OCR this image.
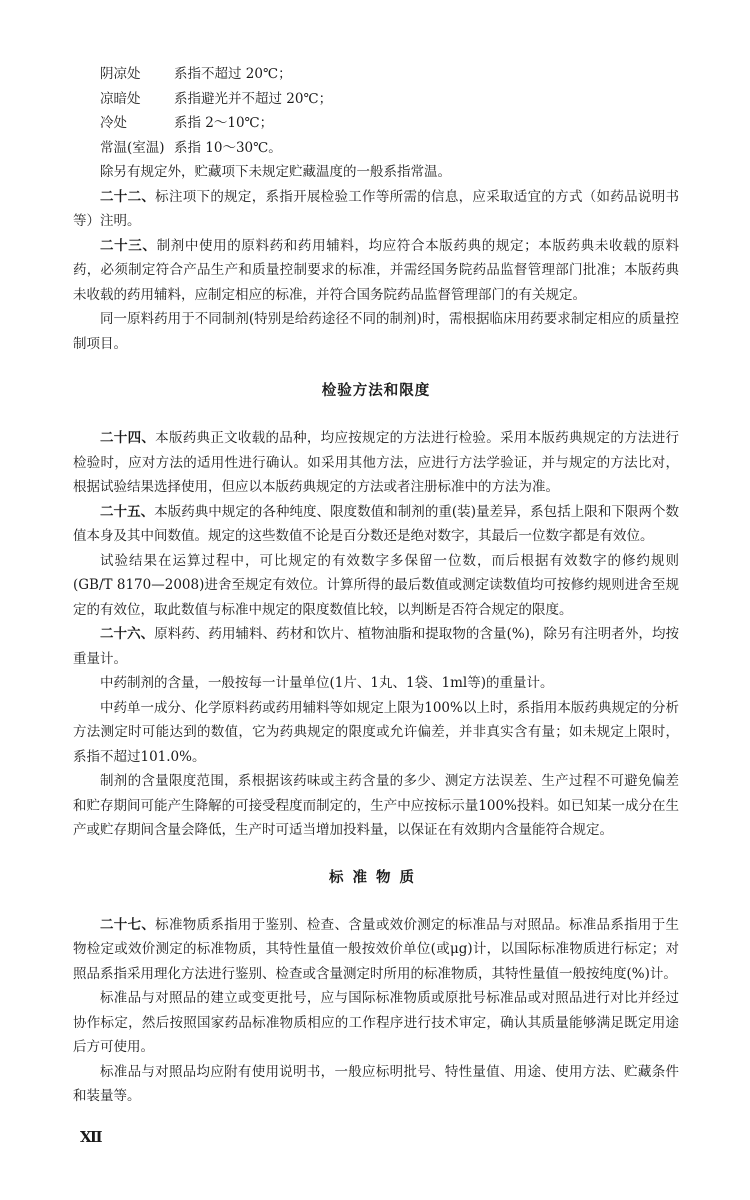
阴凉处 系指不超过 20℃；
凉暗处 系指避光并不超过 20℃；
冷处	系指 2～10℃；
常温(室温) 系指 10～30℃。

除另有规定外，贮藏项下未规定贮藏温度的一般系指常温。

二十二、标注项下的规定，系指开展检验工作等所需的信息，应采取适宜的方式（如药品说明书等）注明。

二十三、制剂中使用的原料药和药用辅料，均应符合本版药典的规定；本版药典未收载的原料药，必须制定符合产品生产和质量控制要求的标准，并需经国务院药品监督管理部门批准；本版药典未收载的药用辅料，应制定相应的标准，并符合国务院药品监督管理部门的有关规定。

同一原料药用于不同制剂(特别是给药途径不同的制剂)时，需根据临床用药要求制定相应的质量控制项目。

检验方法和限度

二十四、本版药典正文收载的品种，均应按规定的方法进行检验。采用本版药典规定的方法进行检验时，应对方法的适用性进行确认。如采用其他方法，应进行方法学验证，并与规定的方法比对，根据试验结果选择使用，但应以本版药典规定的方法或者注册标准中的方法为准。

二十五、本版药典中规定的各种纯度、限度数值和制剂的重(装)量差异，系包括上限和下限两个数值本身及其中间数值。规定的这些数值不论是百分数还是绝对数字，其最后一位数字都是有效位。

试验结果在运算过程中，可比规定的有效数字多保留一位数，而后根据有效数字的修约规则(GB/T 8170—2008)进舍至规定有效位。计算所得的最后数值或测定读数值均可按修约规则进舍至规定的有效位，取此数值与标准中规定的限度数值比较，以判断是否符合规定的限度。

二十六、原料药、药用辅料、药材和饮片、植物油脂和提取物的含量(%)，除另有注明者外，均按重量计。

中药制剂的含量，一般按每一计量单位(1片、1丸、1袋、1ml等)的重量计。

中药单一成分、化学原料药或药用辅料等如规定上限为100%以上时，系指用本版药典规定的分析方法测定时可能达到的数值，它为药典规定的限度或允许偏差，并非真实含有量；如未规定上限时，系指不超过101.0%。

制剂的含量限度范围，系根据该药味或主药含量的多少、测定方法误差、生产过程不可避免偏差和贮存期间可能产生降解的可接受程度而制定的，生产中应按标示量100%投料。如已知某一成分在生产或贮存期间含量会降低，生产时可适当增加投料量，以保证在有效期内含量能符合规定。

标准物质

二十七、标准物质系指用于鉴别、检查、含量或效价测定的标准品与对照品。标准品系指用于生物检定或效价测定的标准物质，其特性量值一般按效价单位(或μg)计，以国际标准物质进行标定；对照品系指采用理化方法进行鉴别、检查或含量测定时所用的标准物质，其特性量值一般按纯度(%)计。

标准品与对照品的建立或变更批号，应与国际标准物质或原批号标准品或对照品进行对比并经过协作标定，然后按照国家药品标准物质相应的工作程序进行技术审定，确认其质量能够满足既定用途后方可使用。

标准品与对照品均应附有使用说明书，一般应标明批号、特性量值、用途、使用方法、贮藏条件和装量等。

Ⅻ
